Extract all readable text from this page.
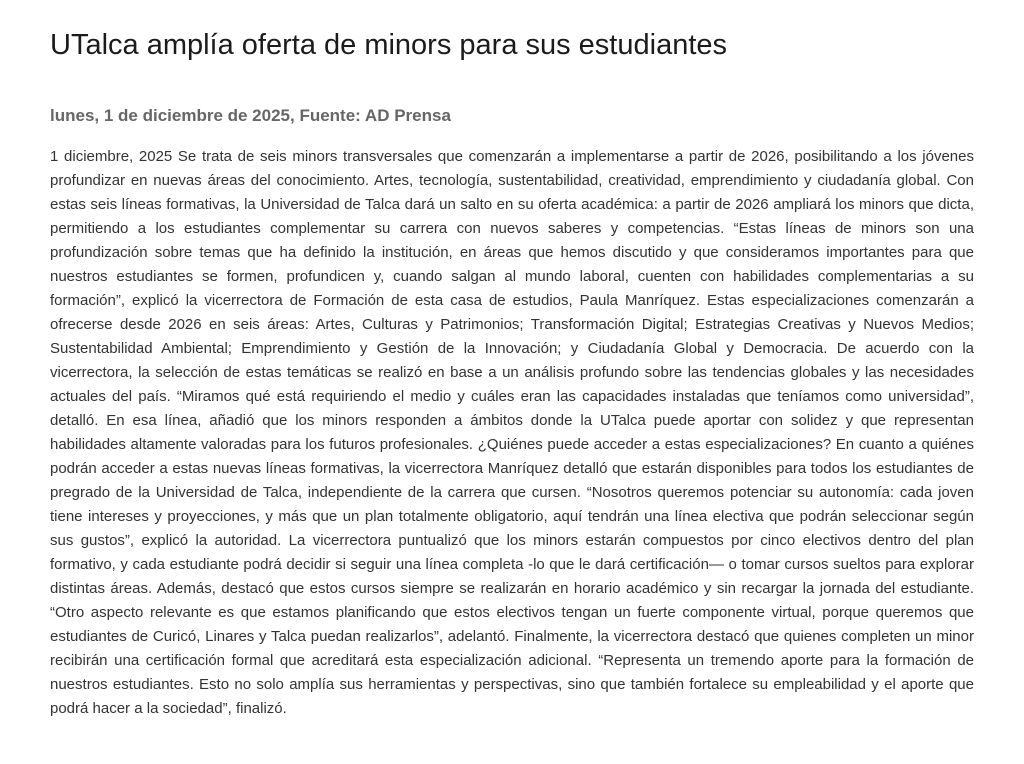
UTalca amplía oferta de minors para sus estudiantes
lunes, 1 de diciembre de 2025, Fuente: AD Prensa

1 diciembre, 2025 Se trata de seis minors transversales que comenzarán a implementarse a partir de 2026, posibilitando a los jóvenes profundizar en nuevas áreas del conocimiento. Artes, tecnología, sustentabilidad, creatividad, emprendimiento y ciudadanía global. Con estas seis líneas formativas, la Universidad de Talca dará un salto en su oferta académica: a partir de 2026 ampliará los minors que dicta, permitiendo a los estudiantes complementar su carrera con nuevos saberes y competencias. “Estas líneas de minors son una profundización sobre temas que ha definido la institución, en áreas que hemos discutido y que consideramos importantes para que nuestros estudiantes se formen, profundicen y, cuando salgan al mundo laboral, cuenten con habilidades complementarias a su formación”, explicó la vicerrectora de Formación de esta casa de estudios, Paula Manríquez. Estas especializaciones comenzarán a ofrecerse desde 2026 en seis áreas: Artes, Culturas y Patrimonios; Transformación Digital; Estrategias Creativas y Nuevos Medios; Sustentabilidad Ambiental; Emprendimiento y Gestión de la Innovación; y Ciudadanía Global y Democracia. De acuerdo con la vicerrectora, la selección de estas temáticas se realizó en base a un análisis profundo sobre las tendencias globales y las necesidades actuales del país. “Miramos qué está requiriendo el medio y cuáles eran las capacidades instaladas que teníamos como universidad”, detalló. En esa línea, añadió que los minors responden a ámbitos donde la UTalca puede aportar con solidez y que representan habilidades altamente valoradas para los futuros profesionales. ¿Quiénes puede acceder a estas especializaciones? En cuanto a quiénes podrán acceder a estas nuevas líneas formativas, la vicerrectora Manríquez detalló que estarán disponibles para todos los estudiantes de pregrado de la Universidad de Talca, independiente de la carrera que cursen. “Nosotros queremos potenciar su autonomía: cada joven tiene intereses y proyecciones, y más que un plan totalmente obligatorio, aquí tendrán una línea electiva que podrán seleccionar según sus gustos”, explicó la autoridad. La vicerrectora puntualizó que los minors estarán compuestos por cinco electivos dentro del plan formativo, y cada estudiante podrá decidir si seguir una línea completa -lo que le dará certificación— o tomar cursos sueltos para explorar distintas áreas. Además, destacó que estos cursos siempre se realizarán en horario académico y sin recargar la jornada del estudiante. “Otro aspecto relevante es que estamos planificando que estos electivos tengan un fuerte componente virtual, porque queremos que estudiantes de Curicó, Linares y Talca puedan realizarlos”, adelantó. Finalmente, la vicerrectora destacó que quienes completen un minor recibirán una certificación formal que acreditará esta especialización adicional. “Representa un tremendo aporte para la formación de nuestros estudiantes. Esto no solo amplía sus herramientas y perspectivas, sino que también fortalece su empleabilidad y el aporte que podrá hacer a la sociedad”, finalizó.
